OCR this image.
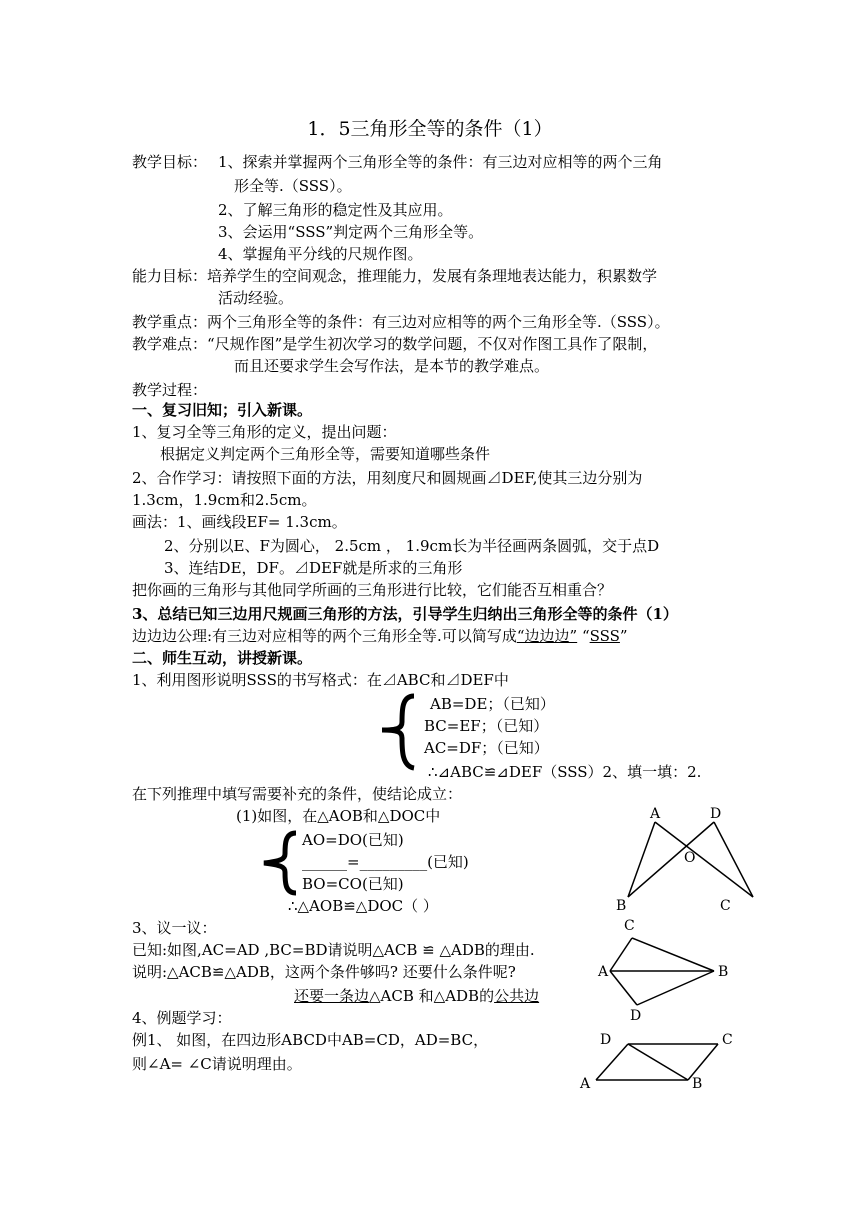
1．5三角形全等的条件（1）
教学目标： 1、探索并掌握两个三角形全等的条件：有三边对应相等的两个三角
形全等.（SSS）。
2、了解三角形的稳定性及其应用。
3、会运用“SSS”判定两个三角形全等。
4、掌握角平分线的尺规作图。
能力目标：培养学生的空间观念，推理能力，发展有条理地表达能力，积累数学
活动经验。
教学重点：两个三角形全等的条件：有三边对应相等的两个三角形全等.（SSS）。
教学难点：“尺规作图”是学生初次学习的数学问题，不仅对作图工具作了限制，
而且还要求学生会写作法，是本节的教学难点。
教学过程：
一、复习旧知；引入新课。
1、复习全等三角形的定义，提出问题：
根据定义判定两个三角形全等，需要知道哪些条件
2、合作学习：请按照下面的方法，用刻度尺和圆规画⊿DEF,使其三边分别为
1.3cm，1.9cm和2.5cm。
画法：1、画线段EF= 1.3cm。
2、分别以E、F为圆心， 2.5cm ， 1.9cm长为半径画两条圆弧，交于点D
3、连结DE，DF。⊿DEF就是所求的三角形
把你画的三角形与其他同学所画的三角形进行比较，它们能否互相重合？
3、总结已知三边用尺规画三角形的方法，引导学生归纳出三角形全等的条件（1）
边边边公理:有三边对应相等的两个三角形全等.可以简写成“边边边” “SSS”
二、师生互动，讲授新课。
1、利用图形说明SSS的书写格式：在⊿ABC和⊿DEF中
AB=DE；（已知）
BC=EF；（已知）
AC=DF；（已知）
∴⊿ABC≌⊿DEF（SSS）2、填一填：2.
在下列推理中填写需要补充的条件，使结论成立：
(1)如图，在△AOB和△DOC中
AO=DO(已知)
______=_________(已知)
BO=CO(已知)
∴△AOB≌△DOC（ ）
A	D
O
B	C
3、议一议：
已知:如图,AC=AD ,BC=BD请说明△ACB ≌ △ADB的理由.
说明:△ACB≌△ADB，这两个条件够吗? 还要什么条件呢?
还要一条边△ACB 和△ADB的公共边
C
A	B
D
4、例题学习：
例1、 如图，在四边形ABCD中AB=CD，AD=BC，
则∠A= ∠C请说明理由。
D	C
A	B
